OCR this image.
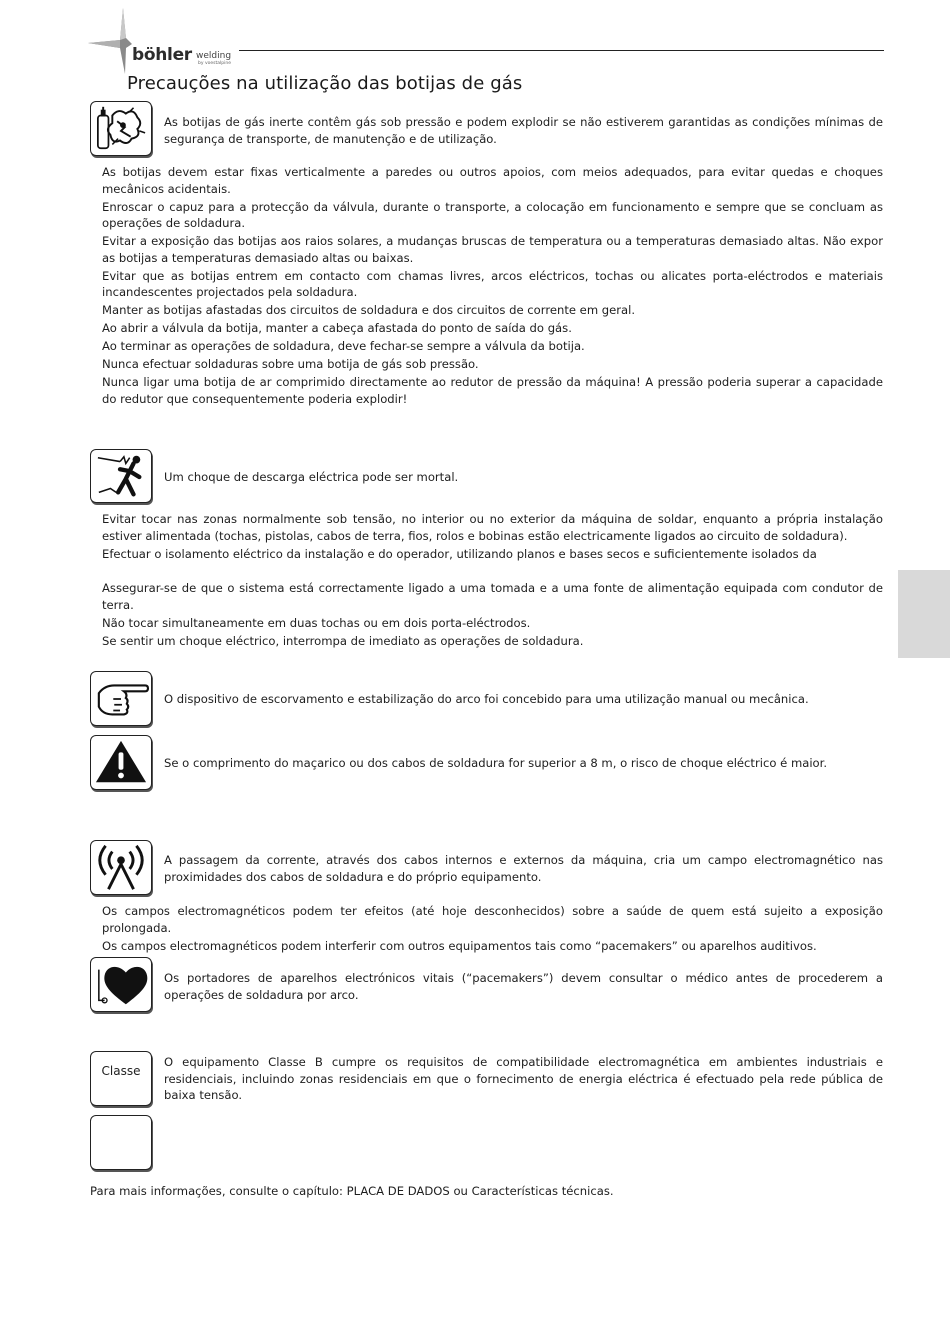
böhler welding
by voestalpine
Precauções na utilização das botijas de gás
As botijas de gás inerte contêm gás sob pressão e podem explodir se não estiverem garantidas as condições mínimas de segurança de transporte, de manutenção e de utilização.
As botijas devem estar fixas verticalmente a paredes ou outros apoios, com meios adequados, para evitar quedas e choques mecânicos acidentais.
Enroscar o capuz para a protecção da válvula, durante o transporte, a colocação em funcionamento e sempre que se concluam as operações de soldadura.
Evitar a exposição das botijas aos raios solares, a mudanças bruscas de temperatura ou a temperaturas demasiado altas. Não expor as botijas a temperaturas demasiado altas ou baixas.
Evitar que as botijas entrem em contacto com chamas livres, arcos eléctricos, tochas ou alicates porta-eléctrodos e materiais incandescentes projectados pela soldadura.
Manter as botijas afastadas dos circuitos de soldadura e dos circuitos de corrente em geral.
Ao abrir a válvula da botija, manter a cabeça afastada do ponto de saída do gás.
Ao terminar as operações de soldadura, deve fechar-se sempre a válvula da botija.
Nunca efectuar soldaduras sobre uma botija de gás sob pressão.
Nunca ligar uma botija de ar comprimido directamente ao redutor de pressão da máquina! A pressão poderia superar a capacidade do redutor que consequentemente poderia explodir!
Um choque de descarga eléctrica pode ser mortal.
Evitar tocar nas zonas normalmente sob tensão, no interior ou no exterior da máquina de soldar, enquanto a própria instalação estiver alimentada (tochas, pistolas, cabos de terra, fios, rolos e bobinas estão electricamente ligados ao circuito de soldadura).
Efectuar o isolamento eléctrico da instalação e do operador, utilizando planos e bases secos e suficientemente isolados da
Assegurar-se de que o sistema está correctamente ligado a uma tomada e a uma fonte de alimentação equipada com condutor de terra.
Não tocar simultaneamente em duas tochas ou em dois porta-eléctrodos.
Se sentir um choque eléctrico, interrompa de imediato as operações de soldadura.
O dispositivo de escorvamento e estabilização do arco foi concebido para uma utilização manual ou mecânica.
Se o comprimento do maçarico ou dos cabos de soldadura for superior a 8 m, o risco de choque eléctrico é maior.
A passagem da corrente, através dos cabos internos e externos da máquina, cria um campo electromagnético nas proximidades dos cabos de soldadura e do próprio equipamento.
Os campos electromagnéticos podem ter efeitos (até hoje desconhecidos) sobre a saúde de quem está sujeito a exposição prolongada.
Os campos electromagnéticos podem interferir com outros equipamentos tais como “pacemakers” ou aparelhos auditivos.
Os portadores de aparelhos electrónicos vitais (“pacemakers”) devem consultar o médico antes de procederem a operações de soldadura por arco.
Classe
O equipamento Classe B cumpre os requisitos de compatibilidade electromagnética em ambientes industriais e residenciais, incluindo zonas residenciais em que o fornecimento de energia eléctrica é efectuado pela rede pública de baixa tensão.
Para mais informações, consulte o capítulo: PLACA DE DADOS ou Características técnicas.
